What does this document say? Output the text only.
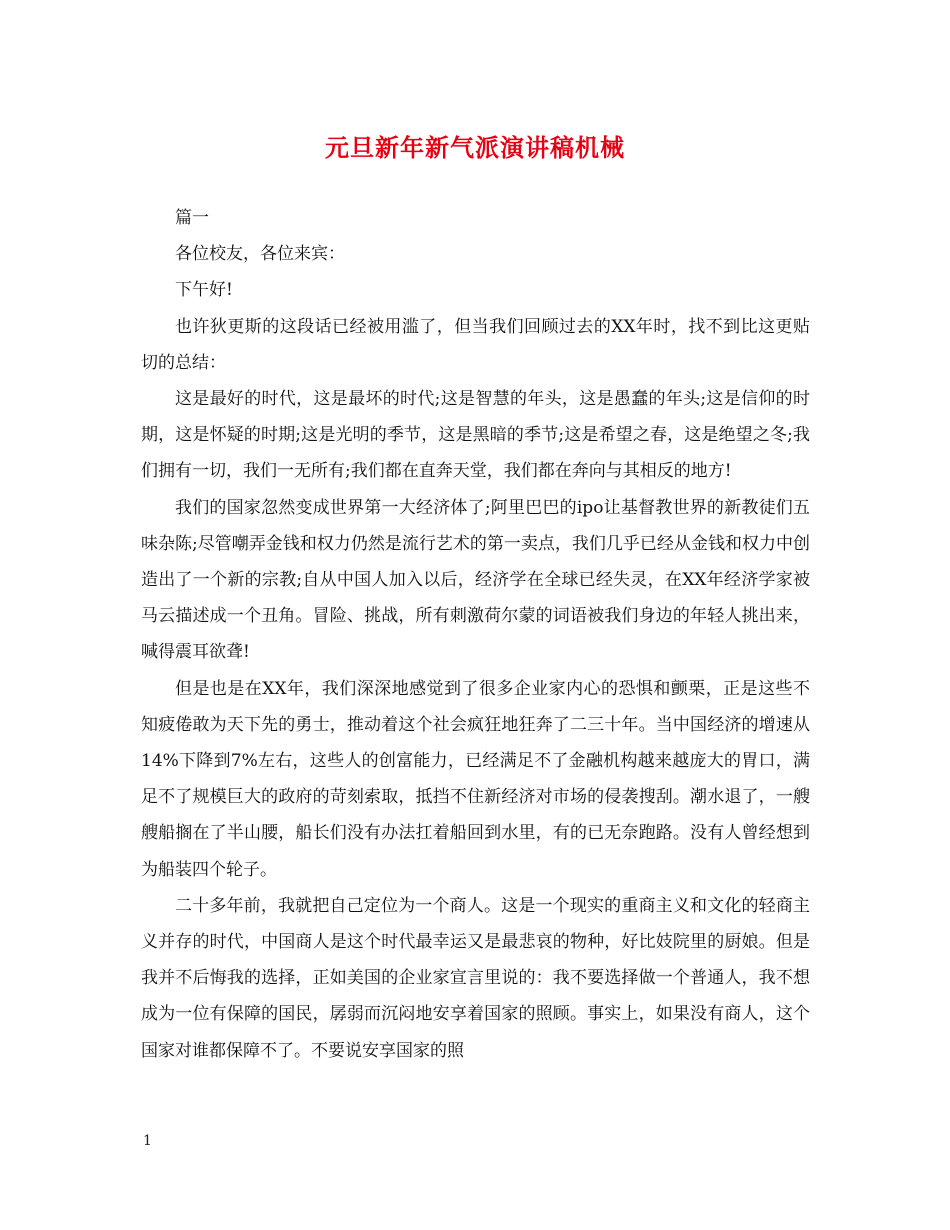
元旦新年新气派演讲稿机械

篇一

各位校友，各位来宾：

下午好!

也许狄更斯的这段话已经被用滥了，但当我们回顾过去的XX年时，找不到比这更贴切的总结：

这是最好的时代，这是最坏的时代;这是智慧的年头，这是愚蠢的年头;这是信仰的时期，这是怀疑的时期;这是光明的季节，这是黑暗的季节;这是希望之春，这是绝望之冬;我们拥有一切，我们一无所有;我们都在直奔天堂，我们都在奔向与其相反的地方!

我们的国家忽然变成世界第一大经济体了;阿里巴巴的ipo让基督教世界的新教徒们五味杂陈;尽管嘲弄金钱和权力仍然是流行艺术的第一卖点，我们几乎已经从金钱和权力中创造出了一个新的宗教;自从中国人加入以后，经济学在全球已经失灵，在XX年经济学家被马云描述成一个丑角。冒险、挑战，所有刺激荷尔蒙的词语被我们身边的年轻人挑出来，喊得震耳欲聋!

但是也是在XX年，我们深深地感觉到了很多企业家内心的恐惧和颤栗，正是这些不知疲倦敢为天下先的勇士，推动着这个社会疯狂地狂奔了二三十年。当中国经济的增速从14%下降到7%左右，这些人的创富能力，已经满足不了金融机构越来越庞大的胃口，满足不了规模巨大的政府的苛刻索取，抵挡不住新经济对市场的侵袭搜刮。潮水退了，一艘艘船搁在了半山腰，船长们没有办法扛着船回到水里，有的已无奈跑路。没有人曾经想到为船装四个轮子。

二十多年前，我就把自己定位为一个商人。这是一个现实的重商主义和文化的轻商主义并存的时代，中国商人是这个时代最幸运又是最悲哀的物种，好比妓院里的厨娘。但是我并不后悔我的选择，正如美国的企业家宣言里说的：我不要选择做一个普通人，我不想成为一位有保障的国民，孱弱而沉闷地安享着国家的照顾。事实上，如果没有商人，这个国家对谁都保障不了。不要说安享国家的照

1
